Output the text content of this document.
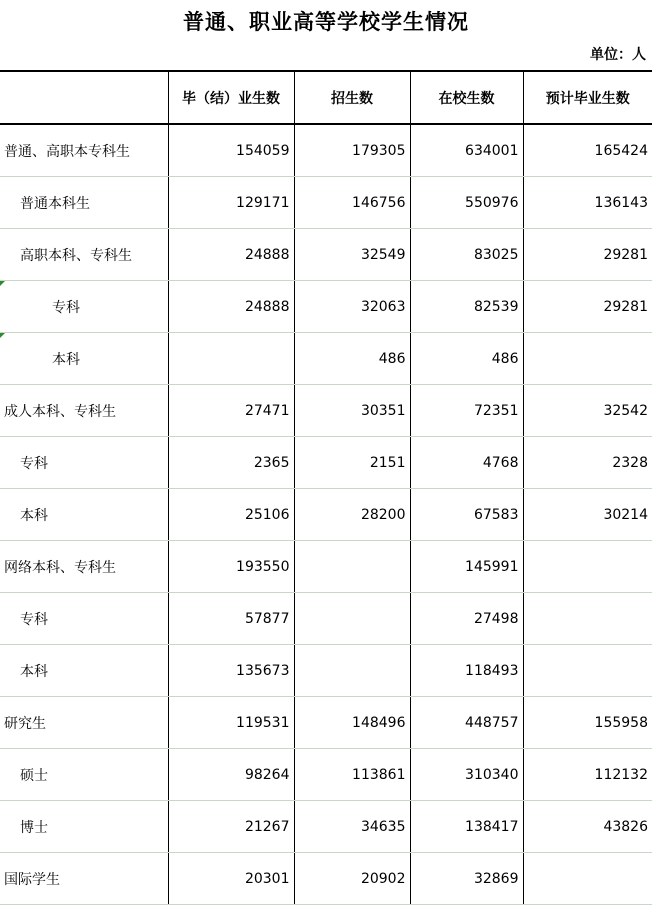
普通、职业高等学校学生情况
单位：人
	毕（结）业生数	招生数	在校生数	预计毕业生数
普通、高职本专科生	154059	179305	634001	165424
普通本科生	129171	146756	550976	136143
高职本科、专科生	24888	32549	83025	29281
专科	24888	32063	82539	29281
本科		486	486	
成人本科、专科生	27471	30351	72351	32542
专科	2365	2151	4768	2328
本科	25106	28200	67583	30214
网络本科、专科生	193550		145991	
专科	57877		27498	
本科	135673		118493	
研究生	119531	148496	448757	155958
硕士	98264	113861	310340	112132
博士	21267	34635	138417	43826
国际学生	20301	20902	32869	
